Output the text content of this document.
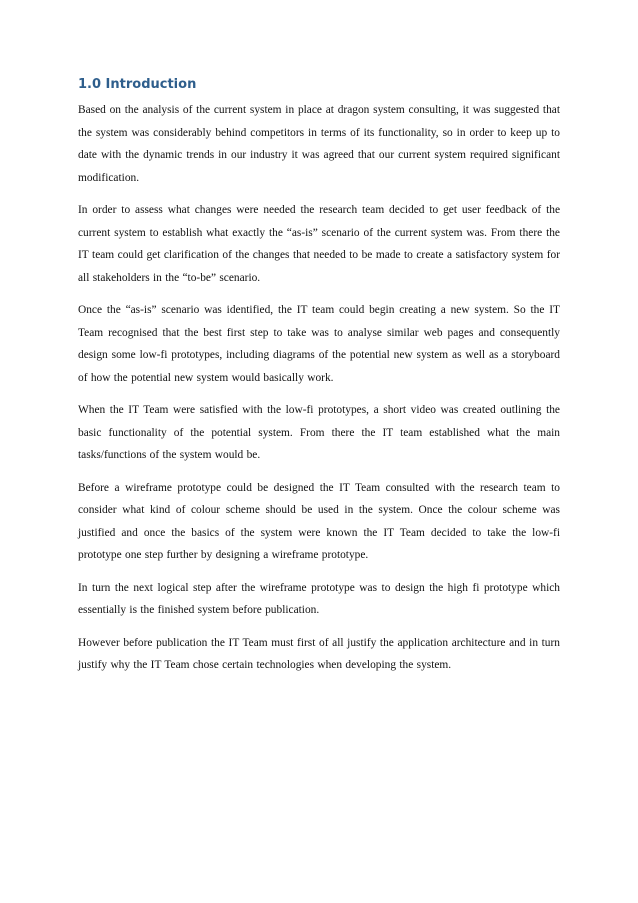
1.0 Introduction

Based on the analysis of the current system in place at dragon system consulting, it was suggested that the system was considerably behind competitors in terms of its functionality, so in order to keep up to date with the dynamic trends in our industry it was agreed that our current system required significant modification.

In order to assess what changes were needed the research team decided to get user feedback of the current system to establish what exactly the “as-is” scenario of the current system was. From there the IT team could get clarification of the changes that needed to be made to create a satisfactory system for all stakeholders in the “to-be” scenario.

Once the “as-is” scenario was identified, the IT team could begin creating a new system. So the IT Team recognised that the best first step to take was to analyse similar web pages and consequently design some low-fi prototypes, including diagrams of the potential new system as well as a storyboard of how the potential new system would basically work.

When the IT Team were satisfied with the low-fi prototypes, a short video was created outlining the basic functionality of the potential system. From there the IT team established what the main tasks/functions of the system would be.

Before a wireframe prototype could be designed the IT Team consulted with the research team to consider what kind of colour scheme should be used in the system. Once the colour scheme was justified and once the basics of the system were known the IT Team decided to take the low-fi prototype one step further by designing a wireframe prototype.

In turn the next logical step after the wireframe prototype was to design the high fi prototype which essentially is the finished system before publication.

However before publication the IT Team must first of all justify the application architecture and in turn justify why the IT Team chose certain technologies when developing the system.
